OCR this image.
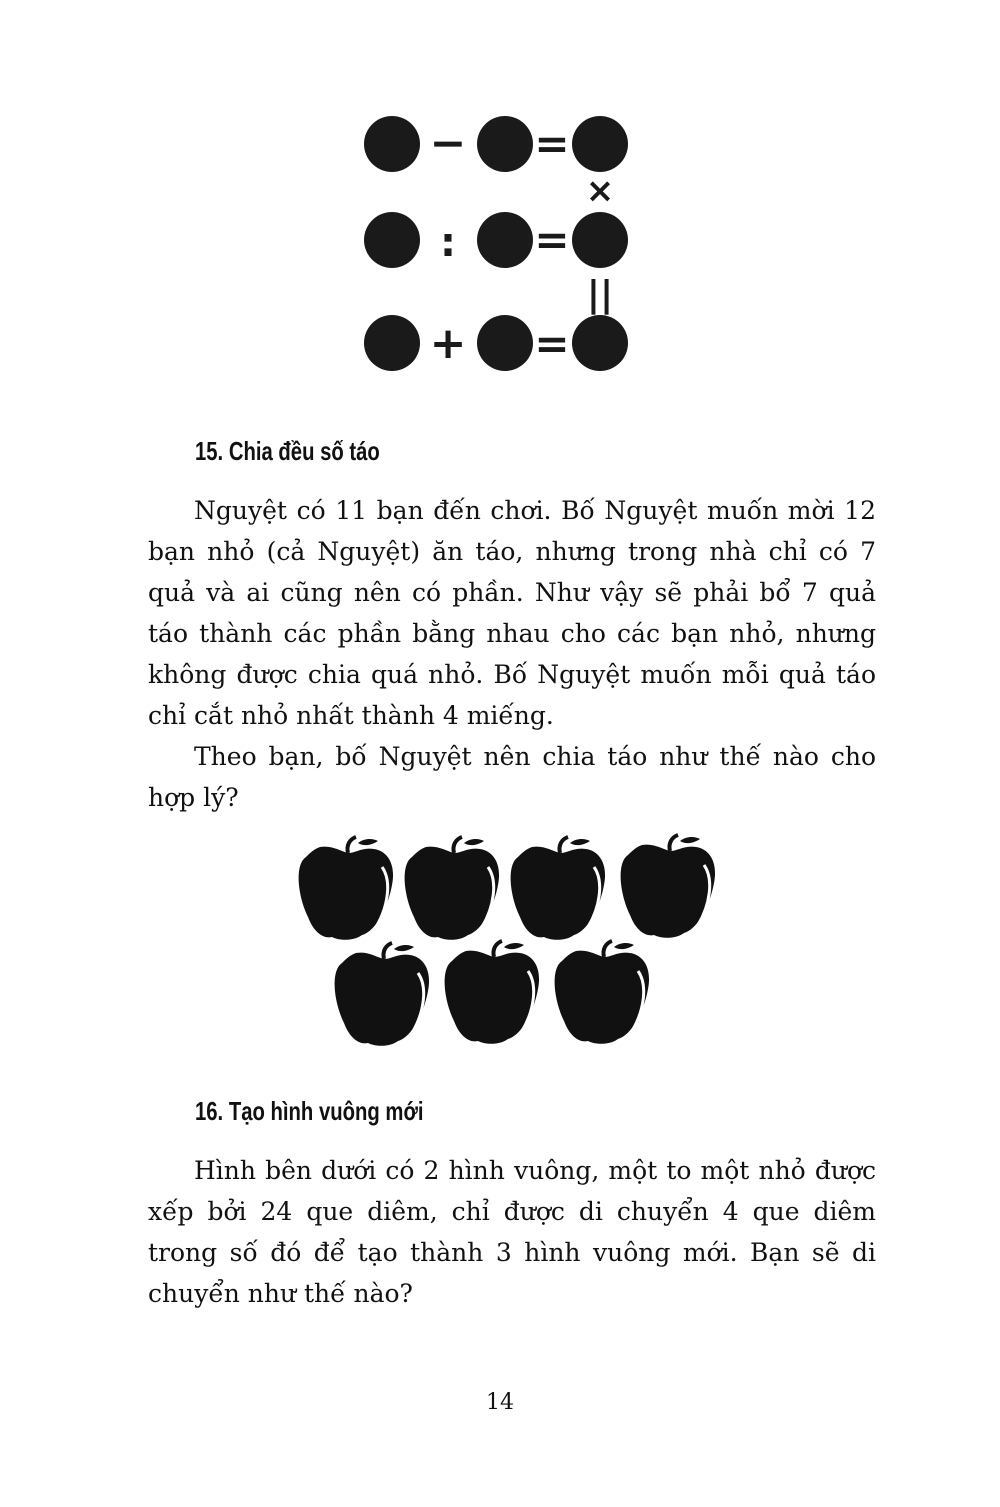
− =
×
: =
||
+ =
15. Chia đều số táo

Nguyệt có 11 bạn đến chơi. Bố Nguyệt muốn mời 12 bạn nhỏ (cả Nguyệt) ăn táo, nhưng trong nhà chỉ có 7 quả và ai cũng nên có phần. Như vậy sẽ phải bổ 7 quả táo thành các phần bằng nhau cho các bạn nhỏ, nhưng không được chia quá nhỏ. Bố Nguyệt muốn mỗi quả táo chỉ cắt nhỏ nhất thành 4 miếng.

Theo bạn, bố Nguyệt nên chia táo như thế nào cho hợp lý?

16. Tạo hình vuông mới

Hình bên dưới có 2 hình vuông, một to một nhỏ được xếp bởi 24 que diêm, chỉ được di chuyển 4 que diêm trong số đó để tạo thành 3 hình vuông mới. Bạn sẽ di chuyển như thế nào?

14
